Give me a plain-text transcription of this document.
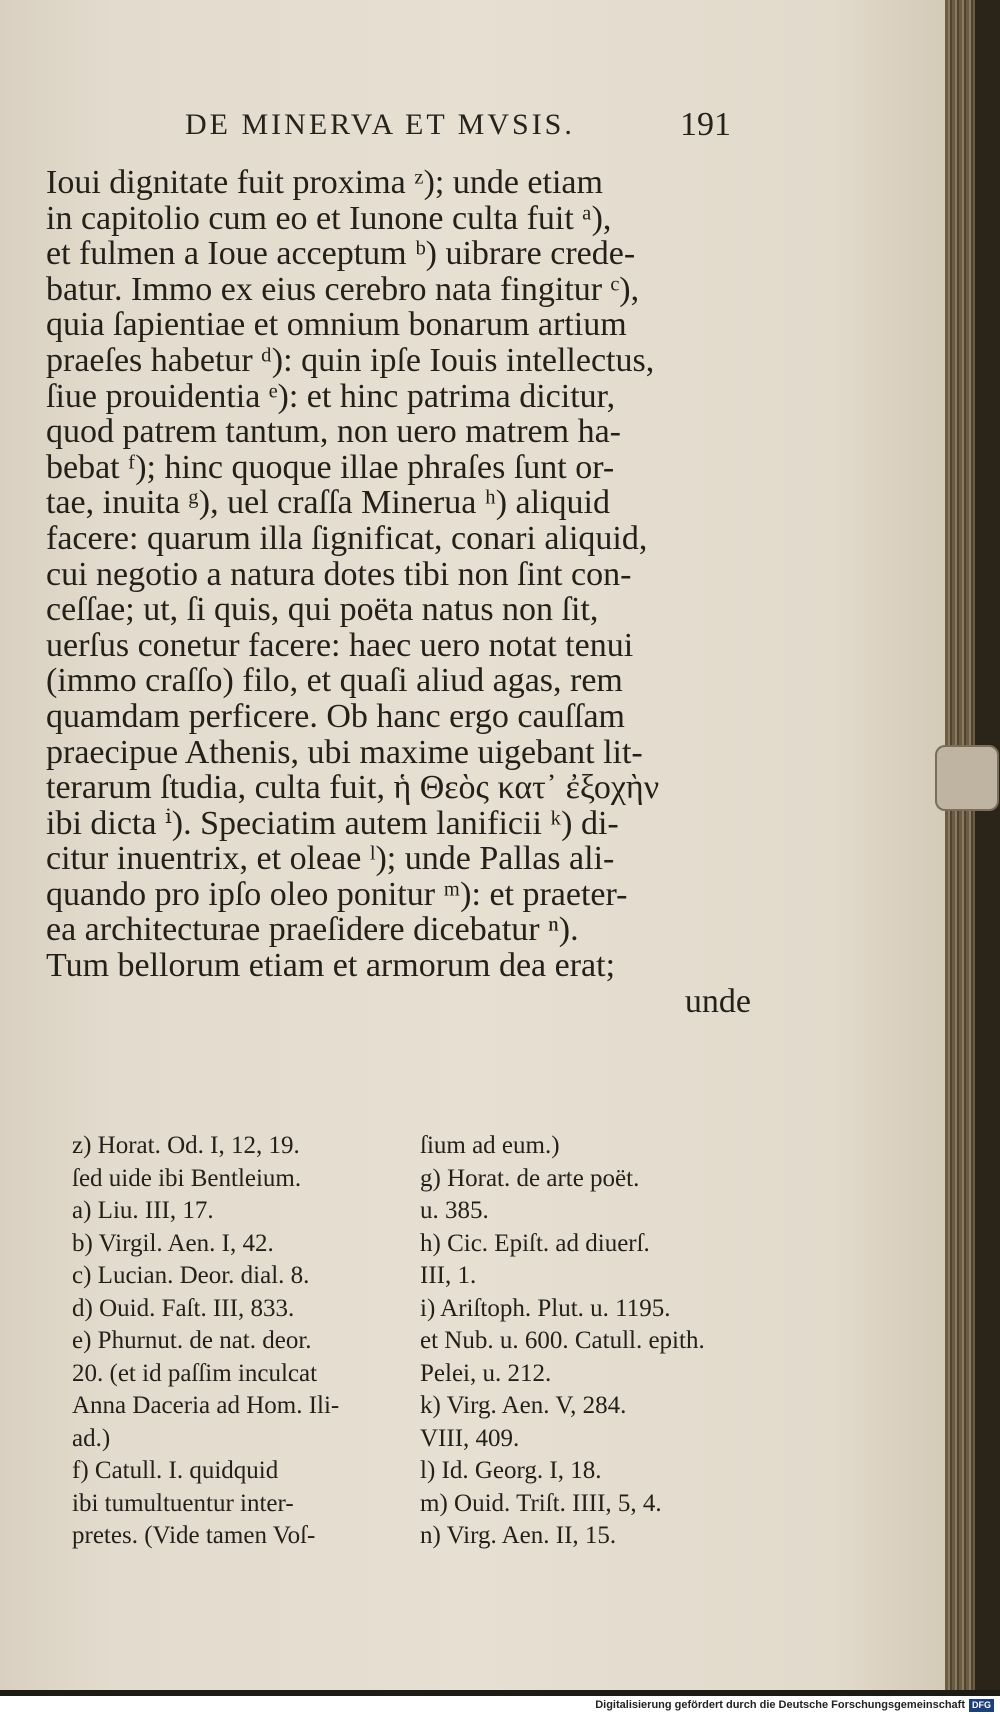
DE MINERVA ET MVSIS.	191
Ioui dignitate fuit proxima ᶻ); unde etiam
in capitolio cum eo et Iunone culta fuit ᵃ),
et fulmen a Ioue acceptum ᵇ) uibrare crede-
batur. Immo ex eius cerebro nata fingitur ᶜ),
quia ſapientiae et omnium bonarum artium
praeſes habetur ᵈ): quin ipſe Iouis intellectus,
ſiue prouidentia ᵉ): et hinc patrima dicitur,
quod patrem tantum, non uero matrem ha-
bebat ᶠ); hinc quoque illae phraſes ſunt or-
tae, inuita ᵍ), uel craſſa Minerua ʰ) aliquid
facere: quarum illa ſignificat, conari aliquid,
cui negotio a natura dotes tibi non ſint con-
ceſſae; ut, ſi quis, qui poëta natus non ſit,
uerſus conetur facere: haec uero notat tenui
(immo craſſo) filo, et quaſi aliud agas, rem
quamdam perficere. Ob hanc ergo cauſſam
praecipue Athenis, ubi maxime uigebant lit-
terarum ſtudia, culta fuit, ἡ Θεὸς κατ᾽ ἐξοχὴν
ibi dicta ⁱ). Speciatim autem lanificii ᵏ) di-
citur inuentrix, et oleae ˡ); unde Pallas ali-
quando pro ipſo oleo ponitur ᵐ): et praeter-
ea architecturae praeſidere dicebatur ⁿ).
Tum bellorum etiam et armorum dea erat;
unde
z) Horat. Od. I, 12, 19.
ſed uide ibi Bentleium.
a) Liu. III, 17.
b) Virgil. Aen. I, 42.
c) Lucian. Deor. dial. 8.
d) Ouid. Faſt. III, 833.
e) Phurnut. de nat. deor.
20. (et id paſſim inculcat
Anna Daceria ad Hom. Ili-
ad.)
f) Catull. I. quidquid
ibi tumultuentur inter-
pretes. (Vide tamen Voſ-
ſium ad eum.)
g) Horat. de arte poët.
u. 385.
h) Cic. Epiſt. ad diuerſ.
III, 1.
i) Ariſtoph. Plut. u. 1195.
et Nub. u. 600. Catull. epith.
Pelei, u. 212.
k) Virg. Aen. V, 284.
VIII, 409.
l) Id. Georg. I, 18.
m) Ouid. Triſt. IIII, 5, 4.
n) Virg. Aen. II, 15.
Digitalisierung gefördert durch die Deutsche Forschungsgemeinschaft DFG
